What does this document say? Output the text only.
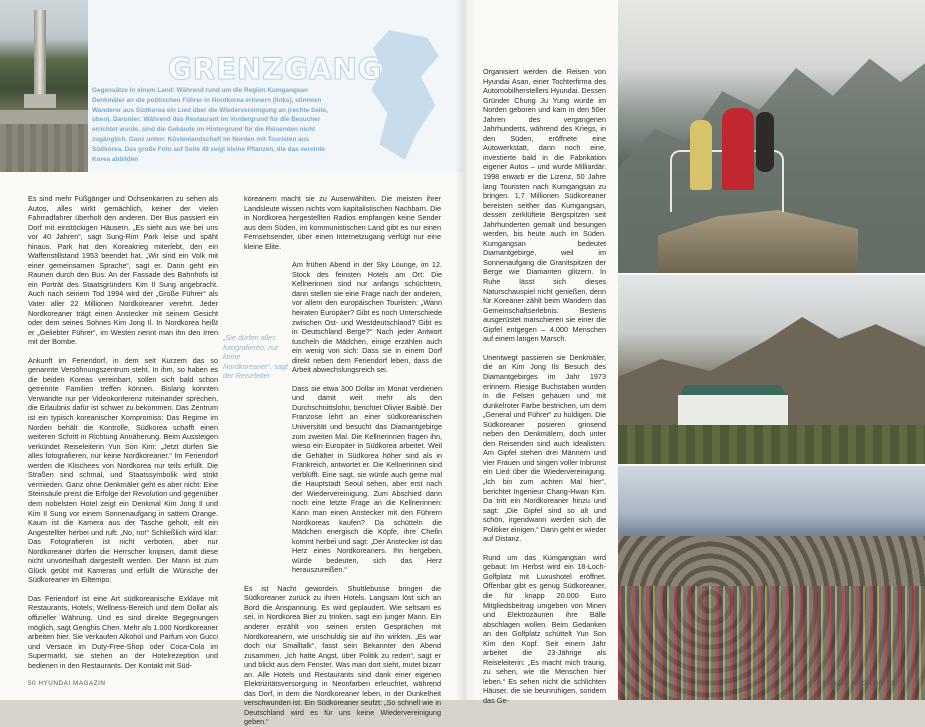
GRENZGANG
Gegensätze in einem Land: Während rund um die Region Kumgangsan Denkmäler an die politischen Führer in Nordkorea erinnern (links), stimmen Wanderer aus Südkorea ein Lied über die Wiedervereinigung an (rechte Seite, oben). Darunter: Während das Restaurant im Vordergrund für die Besucher errichtet wurde, sind die Gebäude im Hintergrund für die Reisenden nicht zugänglich. Ganz unten: Küstenlandschaft im Norden mit Touristen aus Südkorea. Das große Foto auf Seite 48 zeigt kleine Pflanzen, die das vereinte Korea abbilden

Es sind mehr Fußgänger und Ochsenkarren zu sehen als Autos, alles wirkt gemächlich, keiner der vielen Fahrradfahrer überholt den anderen. Der Bus passiert ein Dorf mit einstöckigen Häusern. „Es sieht aus wie bei uns vor 40 Jahren“, sagt Sung-Rim Park leise und späht hinaus. Park hat den Koreakrieg miterlebt, den ein Waffenstillstand 1953 beendet hat. „Wir sind ein Volk mit einer gemeinsamen Sprache“, sagt er. Dann geht ein Raunen durch den Bus: An der Fassade des Bahnhofs ist ein Porträt des Staatsgründers Kim Il Sung angebracht. Auch nach seinem Tod 1994 wird der „Große Führer“ als Vater aller 22 Millionen Nordkoreaner verehrt. Jeder Nordkoreaner trägt einen Anstecker mit seinem Gesicht oder dem seines Sohnes Kim Jong Il. In Nordkorea heißt er „Geliebter Führer“, im Westen nennt man ihn den Irren mit der Bombe.

Ankunft im Feriendorf, in dem seit Kurzem das so genannte Versöhnungszentrum steht. In ihm, so haben es die beiden Koreas vereinbart, sollen sich bald schon getrennte Familien treffen können. Bislang konnten Verwandte nur per Videokonferenz miteinander sprechen, die Erlaubnis dafür ist schwer zu bekommen. Das Zentrum ist ein typisch koreanischer Kompromiss: Das Regime im Norden behält die Kontrolle, Südkorea schafft einen weiteren Schritt in Richtung Annäherung. Beim Aussteigen verkündet Reiseleiterin Yun Son Kim: „Jetzt dürfen Sie alles fotografieren, nur keine Nordkoreaner.“ Im Feriendorf werden die Klischees von Nordkorea nur teils erfüllt. Die Straßen sind schmal, und Staatssymbolik wird strikt vermieden. Ganz ohne Denkmäler geht es aber nicht: Eine Steinsäule preist die Erfolge der Revolution und gegenüber dem nobelsten Hotel zeigt ein Denkmal Kim Jong Il und Kim Il Sung vor einem Sonnenaufgang in sattem Orange. Kaum ist die Kamera aus der Tasche geholt, eilt ein Angestellter herbei und ruft: „No, no!“ Schließlich wird klar: Das Fotografieren ist nicht verboten, aber nur Nordkoreaner dürfen die Herrscher knipsen, damit diese nicht unvorteilhaft dargestellt werden. Der Mann ist zum Glück geübt mit Kameras und erfüllt die Wünsche der Südkoreaner im Eiltempo.

Das Feriendorf ist eine Art südkoreanische Exklave mit Restaurants, Hotels, Wellness-Bereich und dem Dollar als offizieller Währung. Und es sind direkte Begegnungen möglich, sagt Genghis Chen. Mehr als 1.000 Nordkoreaner arbeiten hier. Sie verkaufen Alkohol und Parfum von Gucci und Versace im Duty-Free-Shop oder Coca-Cola im Supermarkt, sie stehen an der Hotelrezeption und bedienen in den Restaurants. Der Kontakt mit Süd-

„Sie dürfen alles fotografieren, nur keine Nordkoreaner“, sagt der Reiseleiter

koreanern macht sie zu Auserwählten. Die meisten ihrer Landsleute wissen nichts vom kapitalistischen Nachbarn. Die in Nordkorea hergestellten Radios empfangen keine Sender aus dem Süden, im kommunistischen Land gibt es nur einen Fernsehsender, über einen Internetzugang verfügt nur eine kleine Elite.

Am frühen Abend in der Sky Lounge, im 12. Stock des feinsten Hotels am Ort: Die Kellnerinnen sind nur anfangs schüchtern, dann stellen sie eine Frage nach der anderen, vor allem den europäischen Touristen: „Wann heiraten Europäer? Gibt es noch Unterschiede zwischen Ost- und Westdeutschland? Gibt es in Deutschland Berge?“ Nach jeder Antwort tuscheln die Mädchen, einige erzählen auch ein wenig von sich: Dass sie in einem Dorf direkt neben dem Feriendorf leben, dass die Arbeit abwechslungsreich sei.

Dass sie etwa 300 Dollar im Monat verdienen und damit weit mehr als den Durchschnittslohn, berichtet Olivier Baiblé. Der Franzose lehrt an einer südkoreanischen Universität und besucht das Diamantgebirge zum zweiten Mal. Die Kellnerinnen fragen ihn, wieso ein Europäer in Südkorea arbeitet. Weil die Gehälter in Südkorea höher sind als in Frankreich, antwortet er. Die Kellnerinnen sind verblüfft. Eine sagt, sie würde auch gerne mal die Hauptstadt Seoul sehen, aber erst nach der Wiedervereinigung. Zum Abschied dann noch eine letzte Frage an die Kellnerinnen: Kann man einen Anstecker mit den Führern Nordkoreas kaufen? Da schütteln die Mädchen energisch die Köpfe, ihre Chefin kommt herbei und sagt: „Der Anstecker ist das Herz eines Nordkoreaners. Ihn hergeben, würde bedeuten, sich das Herz herauszureißen.“

Es ist Nacht geworden. Shuttlebusse bringen die Südkoreaner zurück zu ihren Hotels. Langsam löst sich an Bord die Anspannung. Es wird geplaudert. Wie seltsam es sei, in Nordkorea Bier zu trinken, sagt ein junger Mann. Ein anderer erzählt von seinen ersten Gesprächen mit Nordkoreanern, wie unschuldig sie auf ihn wirkten. „Es war doch nur Smalltalk“, fasst sein Bekannter den Abend zusammen. „Ich hatte Angst, über Politik zu reden“, sagt er und blickt aus dem Fenster. Was man dort sieht, mutet bizarr an. Alle Hotels und Restaurants sind dank einer eigenen Elektrizitätsversorgung in Neonfarben erleuchtet, während das Dorf, in dem die Nordkoreaner leben, in der Dunkelheit verschwunden ist. Ein Südkoreaner seufzt: „So schnell wie in Deutschland wird es für uns keine Wiedervereinigung geben.“

50 HYUNDAI MAGAZIN

Organisiert werden die Reisen von Hyundai Asan, einer Tochterfirma des Automobilherstellers Hyundai. Dessen Gründer Chung Ju Yung wurde im Norden geboren und kam in den 50er Jahren des vergangenen Jahrhunderts, während des Kriegs, in den Süden, eröffnete eine Autowerkstatt, dann noch eine, investierte bald in die Fabrikation eigener Autos – und wurde Milliardär. 1998 erwarb er die Lizenz, 50 Jahre lang Touristen nach Kumgangsan zu bringen. 1,7 Millionen Südkoreaner bereisten seither das Kumgangsan, dessen zerklüftete Bergspitzen seit Jahrhunderten gemalt und besungen werden, bis heute auch im Süden. Kumgangsan bedeutet Diamantgebirge, weil im Sonnenaufgang die Granitspitzen der Berge wie Diamanten glitzern. In Ruhe lässt sich dieses Naturschauspiel nicht genießen, denn für Koreaner zählt beim Wandern das Gemeinschaftserlebnis. Bestens ausgerüstet marschieren sie einer die Gipfel entgegen – 4.000 Menschen auf einem langen Marsch.

Unentwegt passieren sie Denkmäler, die an Kim Jong Ils Besuch des Diamantgebirges im Jahr 1973 erinnern. Riesige Buchstaben wurden in die Felsen gehauen und mit dunkelroter Farbe bestrichen, um dem „General und Führer“ zu huldigen. Die Südkoreaner posieren grinsend neben den Denkmälern, doch unter den Reisenden sind auch Idealisten: Am Gipfel stehen drei Männern und vier Frauen und singen voller Inbrunst ein Lied über die Wiedervereinigung. „Ich bin zum achten Mal hier“, berichtet Ingenieur Chang-Hwan Kim. Da tritt ein Nordkoreaner hinzu und sagt: „Die Gipfel sind so alt und schön, irgendwann werden sich die Politiker einigen.“ Dann geht er wieder auf Distanz.

Rund um das Kumgangsan wird gebaut: Im Herbst wird ein 18-Loch-Golfplatz mit Luxushotel eröffnet. Offenbar gibt es genug Südkoreaner, die für knapp 20.000 Euro Mitgliedsbeitrag umgeben von Minen und Elektrozäunen ihre Bälle abschlagen wollen. Beim Gedanken an den Golfplatz schüttelt Yun Son Kim den Kopf. Seit einem Jahr arbeitet die 23-Jährige als Reiseleiterin: „Es macht mich traurig, zu sehen, wie die Menschen hier leben.“ Es sehen nicht die schlichten Häuser, die sie beunruhigen, sondern das Ge-

HYUNDAI MAGAZIN 51
